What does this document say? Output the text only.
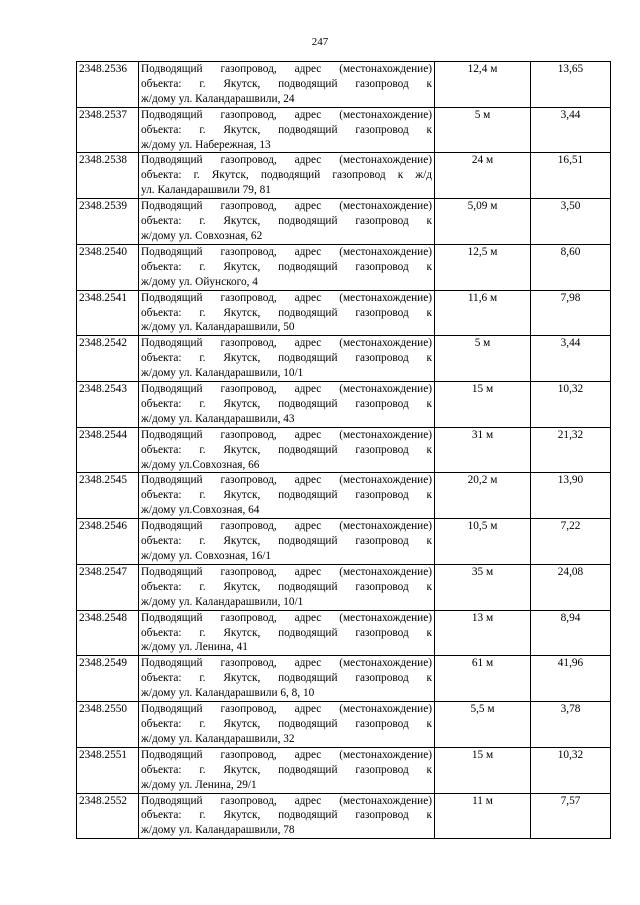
247
2348.2536	Подводящий газопровод, адрес (местонахождение)
объекта: г. Якутск, подводящий газопровод к
ж/дому ул. Каландарашвили, 24	12,4 м	13,65
2348.2537	Подводящий газопровод, адрес (местонахождение)
объекта: г. Якутск, подводящий газопровод к
ж/дому ул. Набережная, 13	5 м	3,44
2348.2538	Подводящий газопровод, адрес (местонахождение)
объекта: г. Якутск, подводящий газопровод к ж/д
ул. Каландарашвили 79, 81	24 м	16,51
2348.2539	Подводящий газопровод, адрес (местонахождение)
объекта: г. Якутск, подводящий газопровод к
ж/дому ул. Совхозная, 62	5,09 м	3,50
2348.2540	Подводящий газопровод, адрес (местонахождение)
объекта: г. Якутск, подводящий газопровод к
ж/дому ул. Ойунского, 4	12,5 м	8,60
2348.2541	Подводящий газопровод, адрес (местонахождение)
объекта: г. Якутск, подводящий газопровод к
ж/дому ул. Каландарашвили, 50	11,6 м	7,98
2348.2542	Подводящий газопровод, адрес (местонахождение)
объекта: г. Якутск, подводящий газопровод к
ж/дому ул. Каландарашвили, 10/1	5 м	3,44
2348.2543	Подводящий газопровод, адрес (местонахождение)
объекта: г. Якутск, подводящий газопровод к
ж/дому ул. Каландарашвили, 43	15 м	10,32
2348.2544	Подводящий газопровод, адрес (местонахождение)
объекта: г. Якутск, подводящий газопровод к
ж/дому ул.Совхозная, 66	31 м	21,32
2348.2545	Подводящий газопровод, адрес (местонахождение)
объекта: г. Якутск, подводящий газопровод к
ж/дому ул.Совхозная, 64	20,2 м	13,90
2348.2546	Подводящий газопровод, адрес (местонахождение)
объекта: г. Якутск, подводящий газопровод к
ж/дому ул. Совхозная, 16/1	10,5 м	7,22
2348.2547	Подводящий газопровод, адрес (местонахождение)
объекта: г. Якутск, подводящий газопровод к
ж/дому ул. Каландарашвили, 10/1	35 м	24,08
2348.2548	Подводящий газопровод, адрес (местонахождение)
объекта: г. Якутск, подводящий газопровод к
ж/дому ул. Ленина, 41	13 м	8,94
2348.2549	Подводящий газопровод, адрес (местонахождение)
объекта: г. Якутск, подводящий газопровод к
ж/дому ул. Каландарашвили 6, 8, 10	61 м	41,96
2348.2550	Подводящий газопровод, адрес (местонахождение)
объекта: г. Якутск, подводящий газопровод к
ж/дому ул. Каландарашвили, 32	5,5 м	3,78
2348.2551	Подводящий газопровод, адрес (местонахождение)
объекта: г. Якутск, подводящий газопровод к
ж/дому ул. Ленина, 29/1	15 м	10,32
2348.2552	Подводящий газопровод, адрес (местонахождение)
объекта: г. Якутск, подводящий газопровод к
ж/дому ул. Каландарашвили, 78	11 м	7,57
